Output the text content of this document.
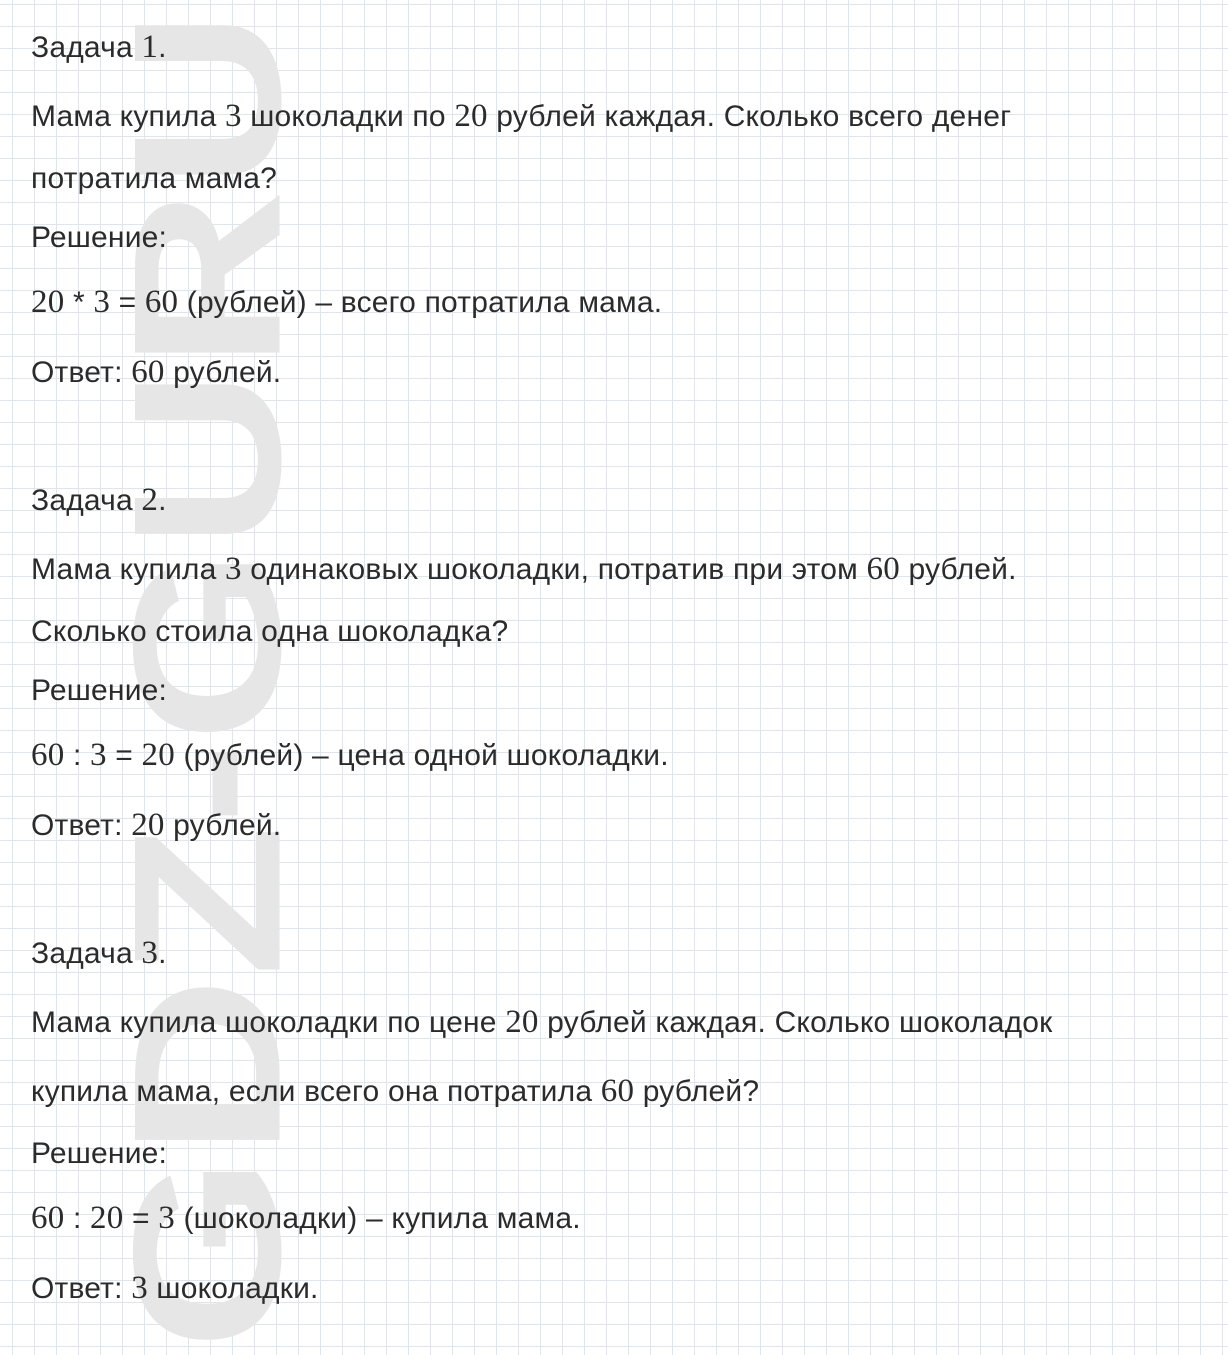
GDZ-GURU
Задача 1.
Мама купила 3 шоколадки по 20 рублей каждая. Сколько всего денег
потратила мама?
Решение:
20 * 3 = 60 (рублей) – всего потратила мама.
Ответ: 60 рублей.
Задача 2.
Мама купила 3 одинаковых шоколадки, потратив при этом 60 рублей.
Сколько стоила одна шоколадка?
Решение:
60 : 3 = 20 (рублей) – цена одной шоколадки.
Ответ: 20 рублей.
Задача 3.
Мама купила шоколадки по цене 20 рублей каждая. Сколько шоколадок
купила мама, если всего она потратила 60 рублей?
Решение:
60 : 20 = 3 (шоколадки) – купила мама.
Ответ: 3 шоколадки.
